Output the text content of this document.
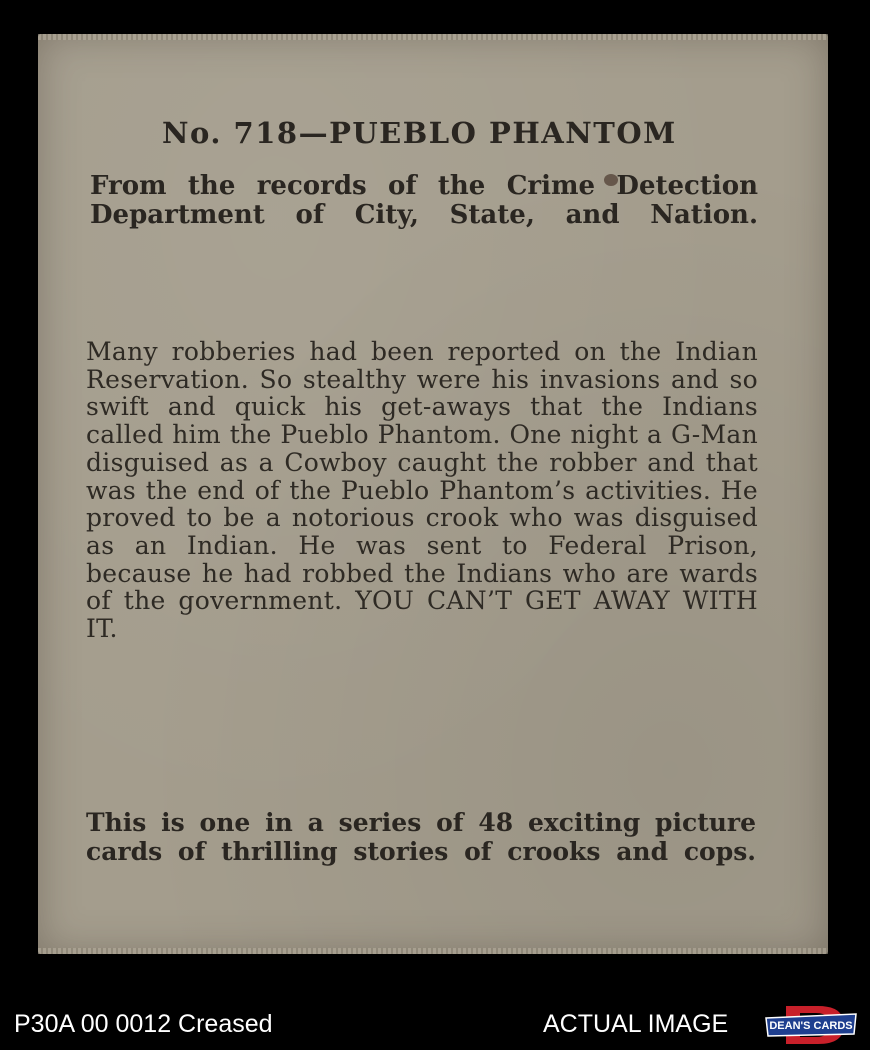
No. 718—PUEBLO PHANTOM
From the records of the Crime Detection Department of City, State, and Nation.
Many robberies had been reported on the Indian Reservation. So stealthy were his invasions and so swift and quick his get-aways that the Indians called him the Pueblo Phantom. One night a G-Man disguised as a Cowboy caught the robber and that was the end of the Pueblo Phantom’s activities. He proved to be a notorious crook who was disguised as an Indian. He was sent to Federal Prison, because he had robbed the Indians who are wards of the government. YOU CAN’T GET AWAY WITH IT.
This is one in a series of 48 exciting picture cards of thrilling stories of crooks and cops.
P30A 00 0012 Creased	ACTUAL IMAGE	DEAN'S CARDS
